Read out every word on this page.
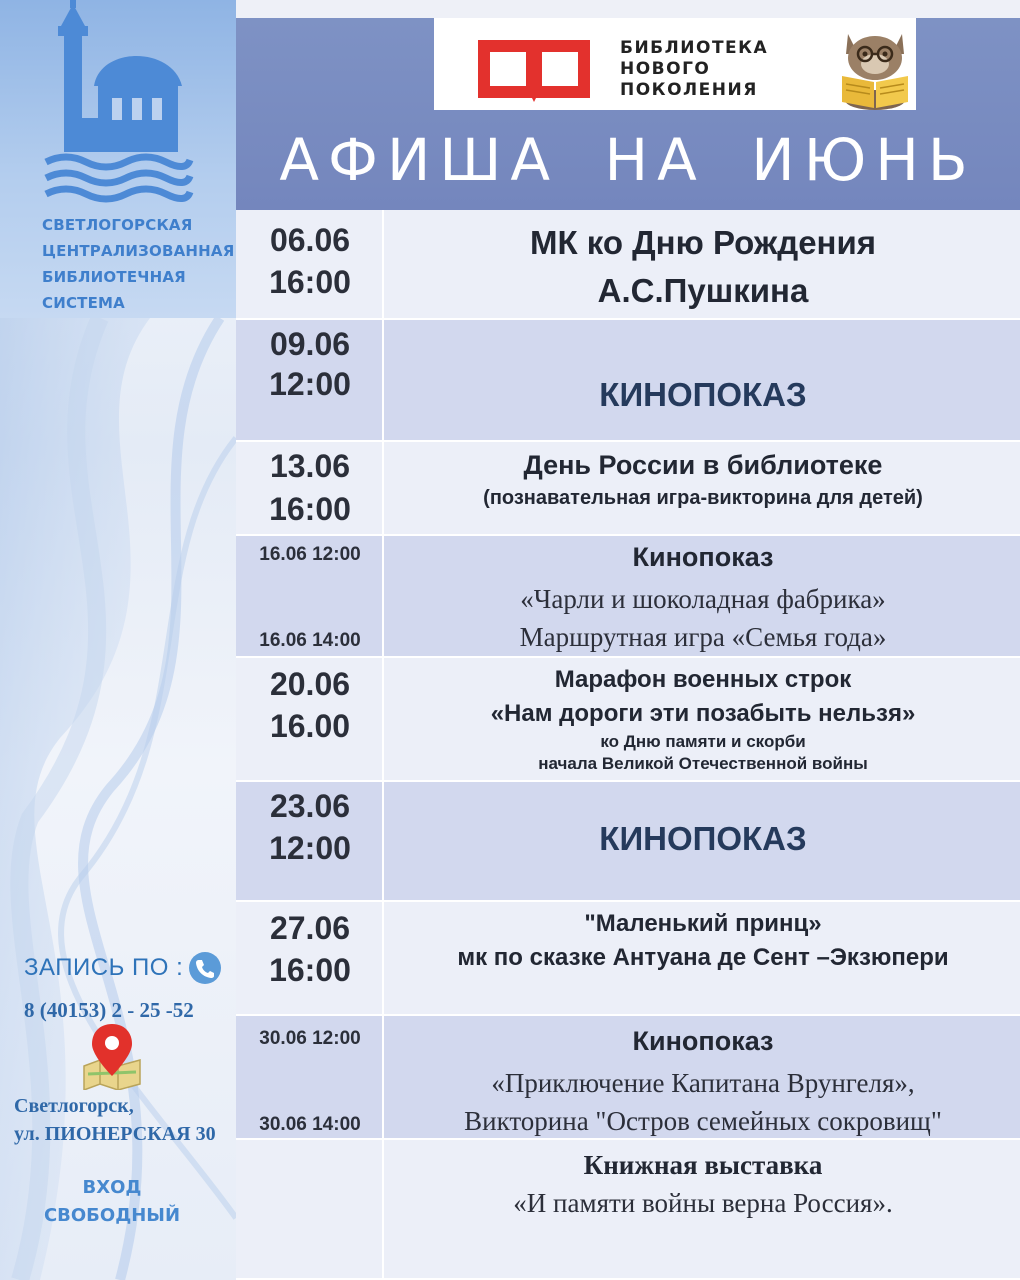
СВЕТЛОГОРСКАЯ
ЦЕНТРАЛИЗОВАННАЯ
БИБЛИОТЕЧНАЯ
СИСТЕМА
ЗАПИСЬ ПО :
8 (40153) 2 - 25 -52
Светлогорск,
ул. ПИОНЕРСКАЯ 30
ВХОД
СВОБОДНЫЙ
БИБЛИОТЕКА
НОВОГО
ПОКОЛЕНИЯ
АФИША НА ИЮНЬ
06.06
16:00
МК ко Дню Рождения
А.С.Пушкина
09.06
12:00	КИНОПОКАЗ
13.06
16:00
День России в библиотеке
(познавательная игра-викторина для детей)
16.06 12:00
16.06 14:00
Кинопоказ
«Чарли и шоколадная фабрика»
Маршрутная игра «Семья года»
20.06
16.00
Марафон военных строк
«Нам дороги эти позабыть нельзя»
ко Дню памяти и скорби
начала Великой Отечественной войны
23.06
12:00	КИНОПОКАЗ
27.06
16:00
"Маленький принц»
мк по сказке Антуана де Сент –Экзюпери
30.06 12:00
30.06 14:00
Кинопоказ
«Приключение Капитана Врунгеля»,
Викторина "Остров семейных сокровищ"
Книжная выставка
«И памяти войны верна Россия».
